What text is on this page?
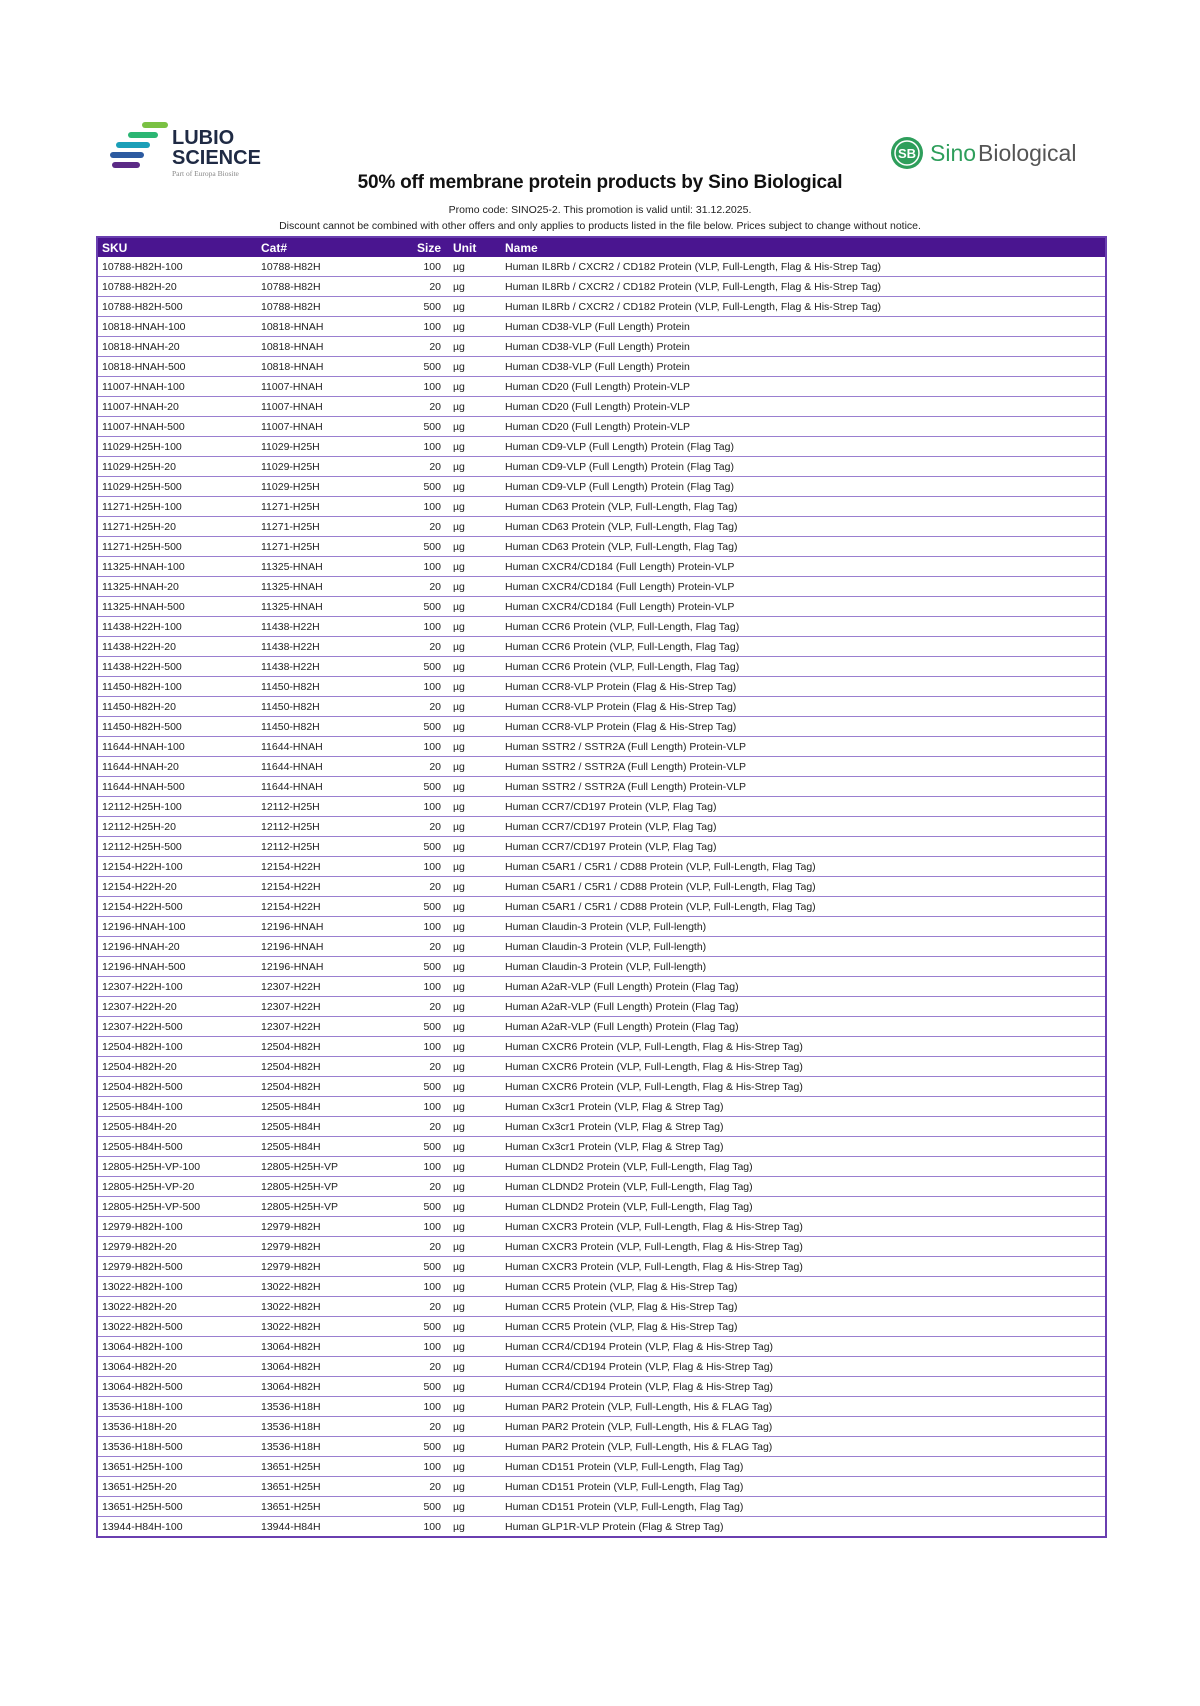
LUBIO
SCIENCE
Part of Europa Biosite
SB Sino Biological
50% off membrane protein products by Sino Biological
Promo code: SINO25-2. This promotion is valid until: 31.12.2025.
Discount cannot be combined with other offers and only applies to products listed in the file below. Prices subject to change without notice.
SKU	Cat#	Size	Unit	Name
10788-H82H-100	10788-H82H	100	µg	Human IL8Rb / CXCR2 / CD182 Protein (VLP, Full-Length, Flag & His-Strep Tag)
10788-H82H-20	10788-H82H	20	µg	Human IL8Rb / CXCR2 / CD182 Protein (VLP, Full-Length, Flag & His-Strep Tag)
10788-H82H-500	10788-H82H	500	µg	Human IL8Rb / CXCR2 / CD182 Protein (VLP, Full-Length, Flag & His-Strep Tag)
10818-HNAH-100	10818-HNAH	100	µg	Human CD38-VLP (Full Length) Protein
10818-HNAH-20	10818-HNAH	20	µg	Human CD38-VLP (Full Length) Protein
10818-HNAH-500	10818-HNAH	500	µg	Human CD38-VLP (Full Length) Protein
11007-HNAH-100	11007-HNAH	100	µg	Human CD20 (Full Length) Protein-VLP
11007-HNAH-20	11007-HNAH	20	µg	Human CD20 (Full Length) Protein-VLP
11007-HNAH-500	11007-HNAH	500	µg	Human CD20 (Full Length) Protein-VLP
11029-H25H-100	11029-H25H	100	µg	Human CD9-VLP (Full Length) Protein (Flag Tag)
11029-H25H-20	11029-H25H	20	µg	Human CD9-VLP (Full Length) Protein (Flag Tag)
11029-H25H-500	11029-H25H	500	µg	Human CD9-VLP (Full Length) Protein (Flag Tag)
11271-H25H-100	11271-H25H	100	µg	Human CD63 Protein (VLP, Full-Length, Flag Tag)
11271-H25H-20	11271-H25H	20	µg	Human CD63 Protein (VLP, Full-Length, Flag Tag)
11271-H25H-500	11271-H25H	500	µg	Human CD63 Protein (VLP, Full-Length, Flag Tag)
11325-HNAH-100	11325-HNAH	100	µg	Human CXCR4/CD184 (Full Length) Protein-VLP
11325-HNAH-20	11325-HNAH	20	µg	Human CXCR4/CD184 (Full Length) Protein-VLP
11325-HNAH-500	11325-HNAH	500	µg	Human CXCR4/CD184 (Full Length) Protein-VLP
11438-H22H-100	11438-H22H	100	µg	Human CCR6 Protein (VLP, Full-Length, Flag Tag)
11438-H22H-20	11438-H22H	20	µg	Human CCR6 Protein (VLP, Full-Length, Flag Tag)
11438-H22H-500	11438-H22H	500	µg	Human CCR6 Protein (VLP, Full-Length, Flag Tag)
11450-H82H-100	11450-H82H	100	µg	Human CCR8-VLP Protein (Flag & His-Strep Tag)
11450-H82H-20	11450-H82H	20	µg	Human CCR8-VLP Protein (Flag & His-Strep Tag)
11450-H82H-500	11450-H82H	500	µg	Human CCR8-VLP Protein (Flag & His-Strep Tag)
11644-HNAH-100	11644-HNAH	100	µg	Human SSTR2 / SSTR2A (Full Length) Protein-VLP
11644-HNAH-20	11644-HNAH	20	µg	Human SSTR2 / SSTR2A (Full Length) Protein-VLP
11644-HNAH-500	11644-HNAH	500	µg	Human SSTR2 / SSTR2A (Full Length) Protein-VLP
12112-H25H-100	12112-H25H	100	µg	Human CCR7/CD197 Protein (VLP, Flag Tag)
12112-H25H-20	12112-H25H	20	µg	Human CCR7/CD197 Protein (VLP, Flag Tag)
12112-H25H-500	12112-H25H	500	µg	Human CCR7/CD197 Protein (VLP, Flag Tag)
12154-H22H-100	12154-H22H	100	µg	Human C5AR1 / C5R1 / CD88 Protein (VLP, Full-Length, Flag Tag)
12154-H22H-20	12154-H22H	20	µg	Human C5AR1 / C5R1 / CD88 Protein (VLP, Full-Length, Flag Tag)
12154-H22H-500	12154-H22H	500	µg	Human C5AR1 / C5R1 / CD88 Protein (VLP, Full-Length, Flag Tag)
12196-HNAH-100	12196-HNAH	100	µg	Human Claudin-3 Protein (VLP, Full-length)
12196-HNAH-20	12196-HNAH	20	µg	Human Claudin-3 Protein (VLP, Full-length)
12196-HNAH-500	12196-HNAH	500	µg	Human Claudin-3 Protein (VLP, Full-length)
12307-H22H-100	12307-H22H	100	µg	Human A2aR-VLP (Full Length) Protein (Flag Tag)
12307-H22H-20	12307-H22H	20	µg	Human A2aR-VLP (Full Length) Protein (Flag Tag)
12307-H22H-500	12307-H22H	500	µg	Human A2aR-VLP (Full Length) Protein (Flag Tag)
12504-H82H-100	12504-H82H	100	µg	Human CXCR6 Protein (VLP, Full-Length, Flag & His-Strep Tag)
12504-H82H-20	12504-H82H	20	µg	Human CXCR6 Protein (VLP, Full-Length, Flag & His-Strep Tag)
12504-H82H-500	12504-H82H	500	µg	Human CXCR6 Protein (VLP, Full-Length, Flag & His-Strep Tag)
12505-H84H-100	12505-H84H	100	µg	Human Cx3cr1 Protein (VLP, Flag & Strep Tag)
12505-H84H-20	12505-H84H	20	µg	Human Cx3cr1 Protein (VLP, Flag & Strep Tag)
12505-H84H-500	12505-H84H	500	µg	Human Cx3cr1 Protein (VLP, Flag & Strep Tag)
12805-H25H-VP-100	12805-H25H-VP	100	µg	Human CLDND2 Protein (VLP, Full-Length, Flag Tag)
12805-H25H-VP-20	12805-H25H-VP	20	µg	Human CLDND2 Protein (VLP, Full-Length, Flag Tag)
12805-H25H-VP-500	12805-H25H-VP	500	µg	Human CLDND2 Protein (VLP, Full-Length, Flag Tag)
12979-H82H-100	12979-H82H	100	µg	Human CXCR3 Protein (VLP, Full-Length, Flag & His-Strep Tag)
12979-H82H-20	12979-H82H	20	µg	Human CXCR3 Protein (VLP, Full-Length, Flag & His-Strep Tag)
12979-H82H-500	12979-H82H	500	µg	Human CXCR3 Protein (VLP, Full-Length, Flag & His-Strep Tag)
13022-H82H-100	13022-H82H	100	µg	Human CCR5 Protein (VLP, Flag & His-Strep Tag)
13022-H82H-20	13022-H82H	20	µg	Human CCR5 Protein (VLP, Flag & His-Strep Tag)
13022-H82H-500	13022-H82H	500	µg	Human CCR5 Protein (VLP, Flag & His-Strep Tag)
13064-H82H-100	13064-H82H	100	µg	Human CCR4/CD194 Protein (VLP, Flag & His-Strep Tag)
13064-H82H-20	13064-H82H	20	µg	Human CCR4/CD194 Protein (VLP, Flag & His-Strep Tag)
13064-H82H-500	13064-H82H	500	µg	Human CCR4/CD194 Protein (VLP, Flag & His-Strep Tag)
13536-H18H-100	13536-H18H	100	µg	Human PAR2 Protein (VLP, Full-Length, His & FLAG Tag)
13536-H18H-20	13536-H18H	20	µg	Human PAR2 Protein (VLP, Full-Length, His & FLAG Tag)
13536-H18H-500	13536-H18H	500	µg	Human PAR2 Protein (VLP, Full-Length, His & FLAG Tag)
13651-H25H-100	13651-H25H	100	µg	Human CD151 Protein (VLP, Full-Length, Flag Tag)
13651-H25H-20	13651-H25H	20	µg	Human CD151 Protein (VLP, Full-Length, Flag Tag)
13651-H25H-500	13651-H25H	500	µg	Human CD151 Protein (VLP, Full-Length, Flag Tag)
13944-H84H-100	13944-H84H	100	µg	Human GLP1R-VLP Protein (Flag & Strep Tag)
